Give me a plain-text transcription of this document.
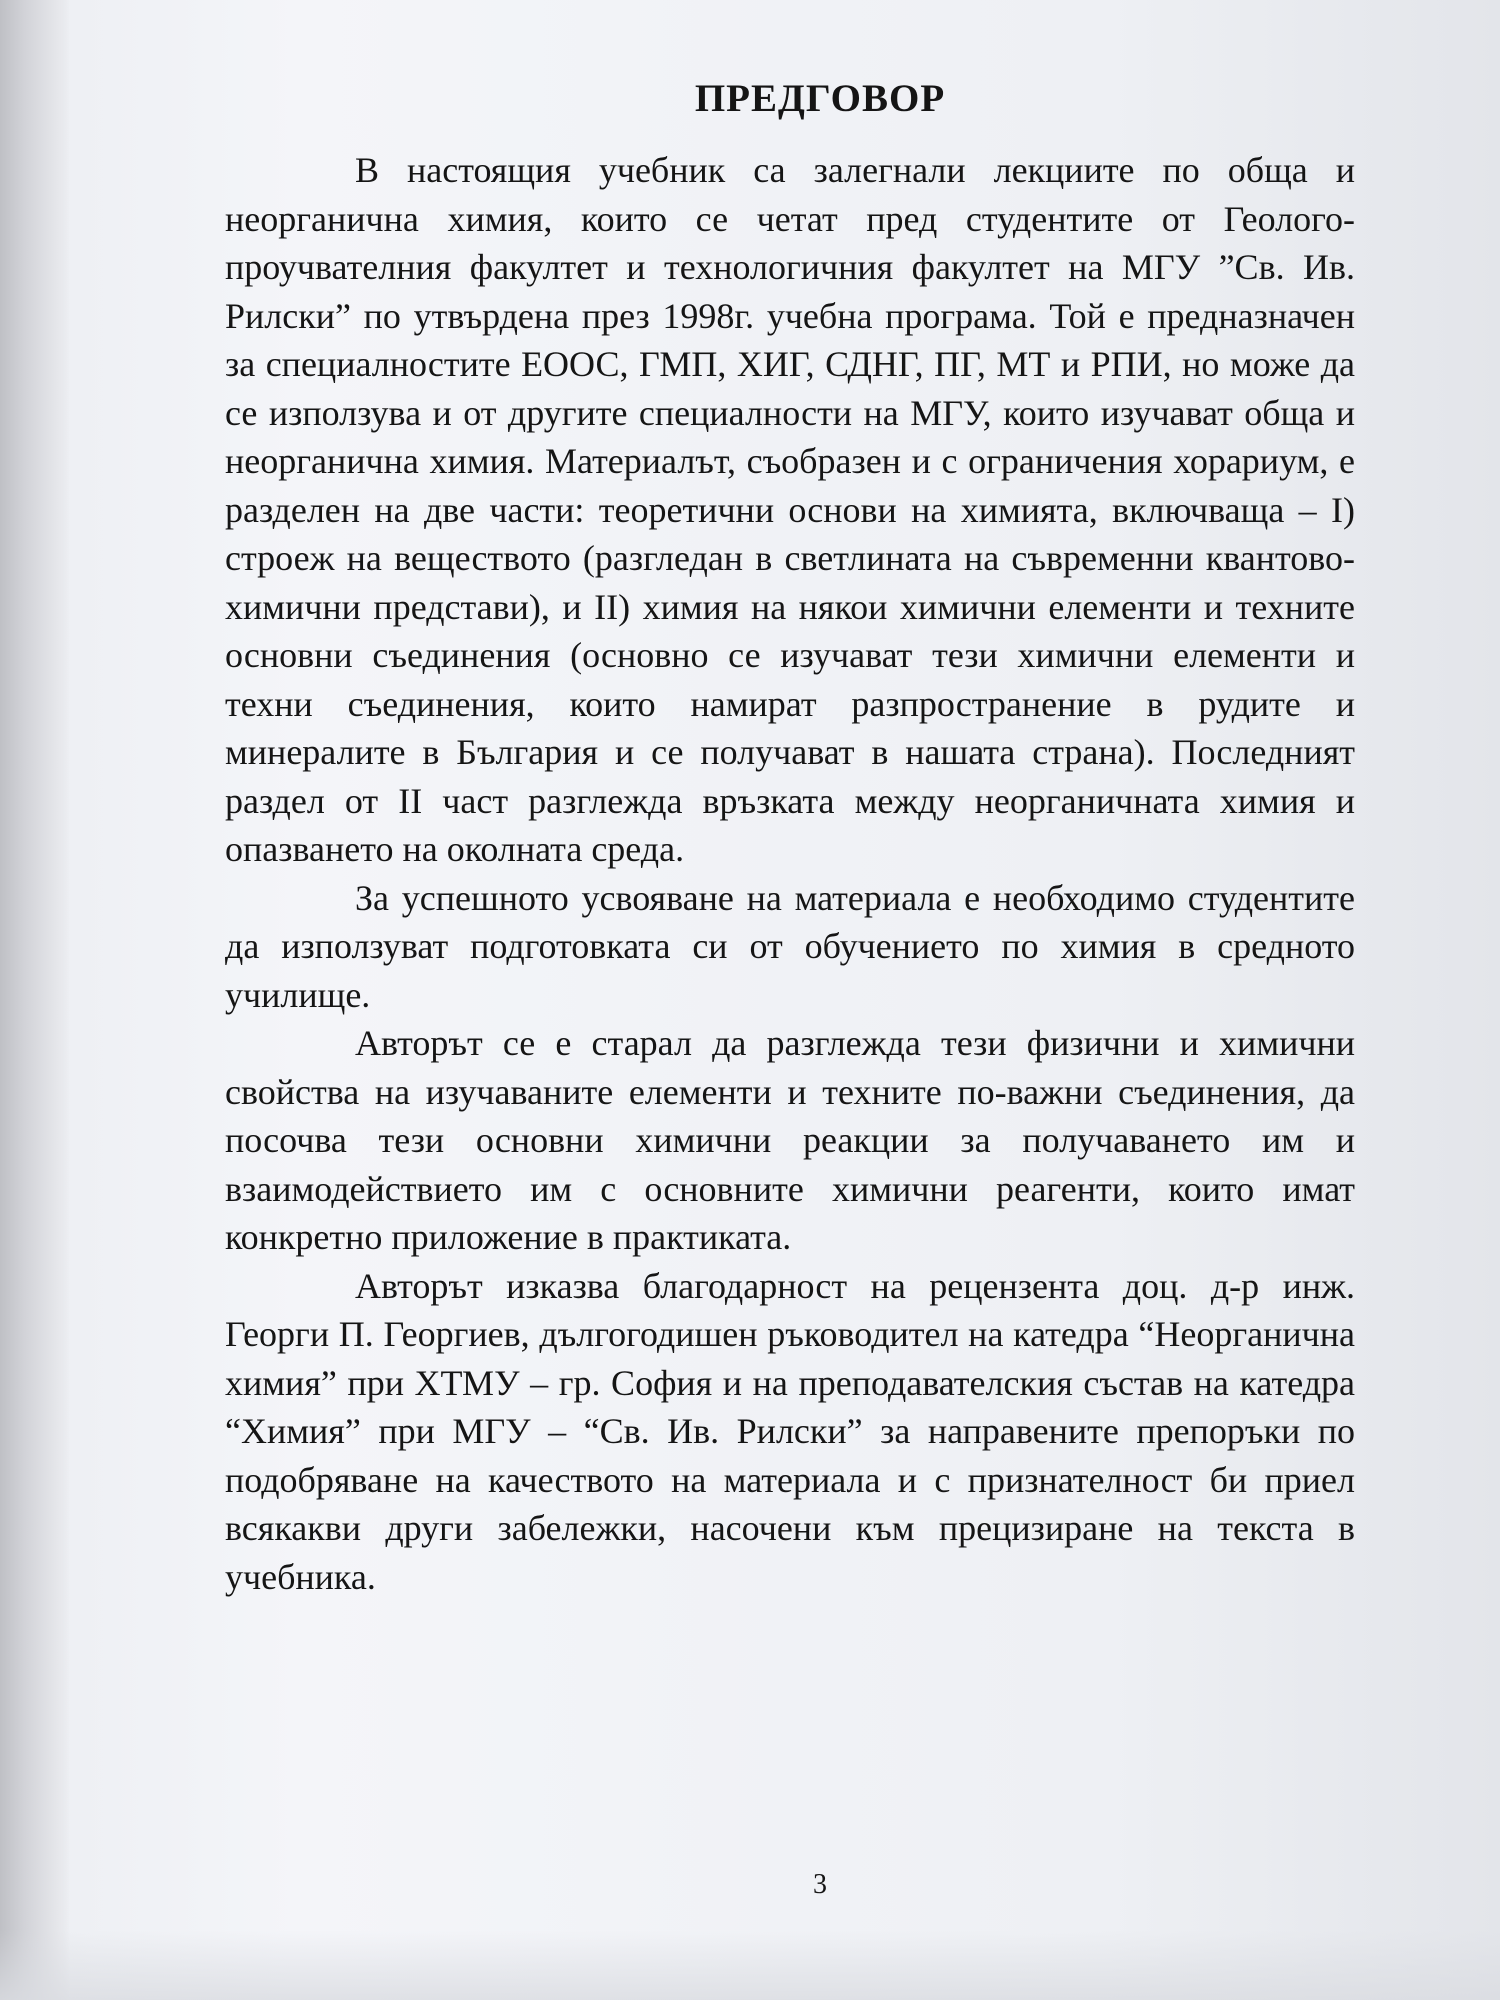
ПРЕДГОВОР

В настоящия учебник са залегнали лекциите по обща и неорганична химия, които се четат пред студентите от Геолого-проучвателния факултет и технологичния факултет на МГУ ”Св. Ив. Рилски” по утвърдена през 1998г. учебна програма. Той е предназначен за специалностите ЕООС, ГМП, ХИГ, СДНГ, ПГ, МТ и РПИ, но може да се използува и от другите специалности на МГУ, които изучават обща и неорганична химия. Материалът, съобразен и с ограничения хорариум, е разделен на две части: теоретични основи на химията, включваща – I) строеж на веществото (разгледан в светлината на съвременни квантово-химични представи), и II) химия на някои химични елементи и техните основни съединения (основно се изучават тези химични елементи и техни съединения, които намират разпространение в рудите и минералите в България и се получават в нашата страна). Последният раздел от II част разглежда връзката между неорганичната химия и опазването на околната среда.

За успешното усвояване на материала е необходимо студентите да използуват подготовката си от обучението по химия в средното училище.

Авторът се е старал да разглежда тези физични и химични свойства на изучаваните елементи и техните по-важни съединения, да посочва тези основни химични реакции за получаването им и взаимодействието им с основните химични реагенти, които имат конкретно приложение в практиката.

Авторът изказва благодарност на рецензента доц. д-р инж. Георги П. Георгиев, дългогодишен ръководител на катедра “Неорганична химия” при ХТМУ – гр. София и на преподавателския състав на катедра “Химия” при МГУ – “Св. Ив. Рилски” за направените препоръки по подобряване на качеството на материала и с признателност би приел всякакви други забележки, насочени към прецизиране на текста в учебника.

3
